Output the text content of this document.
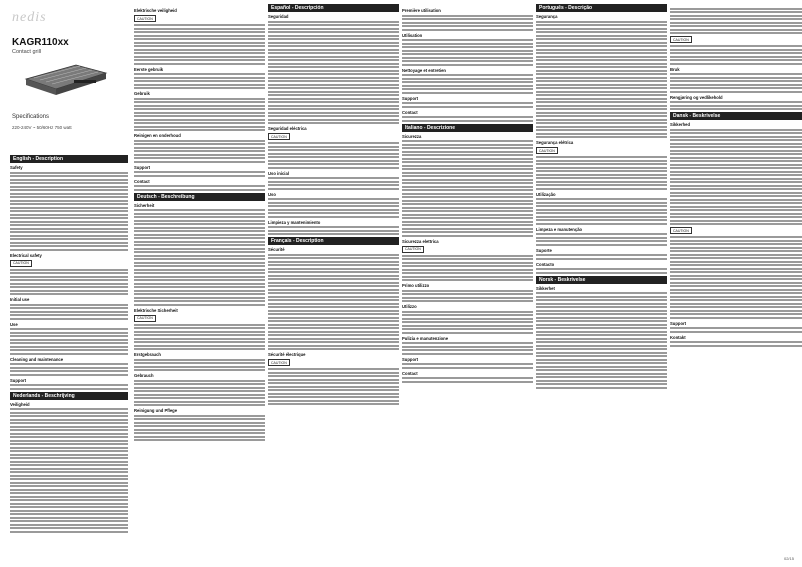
nedis
KAGR110xx
Contact grill
Specifications
220-240V ~ 50/60Hz 750 watt
English - Description
Safety
Electrical safety
CAUTION
Initial use
Use
Cleaning and maintenance
Support
Nederlands - Beschrijving
Veiligheid
Elektrische veiligheid
CAUTION
Eerste gebruik
Gebruik
Reinigen en onderhoud
Support
Contact
Deutsch - Beschreibung
Sicherheit
Elektrische Sicherheit
CAUTION
Erstgebrauch
Gebrauch
Reinigung und Pflege
Español - Descripción
Seguridad
Seguridad eléctrica
CAUTION
Uso inicial
Uso
Limpieza y mantenimiento
Français - Description
Sécurité
Sécurité électrique
CAUTION
Première utilisation
Utilisation
Nettoyage et entretien
Support
Contact
Italiano - Descrizione
Sicurezza
Sicurezza elettrica
CAUTION
Primo utilizzo
Utilizzo
Pulizia e manutenzione
Support
Contact
Português - Descrição
Segurança
Segurança elétrica
CAUTION
Utilização
Limpeza e manutenção
Suporte
Contacto
Norsk - Beskrivelse
Sikkerhet
CAUTION
Bruk
Rengjøring og vedlikehold
Dansk - Beskrivelse
Sikkerhed
CAUTION
Support
Kontakt
02/15
